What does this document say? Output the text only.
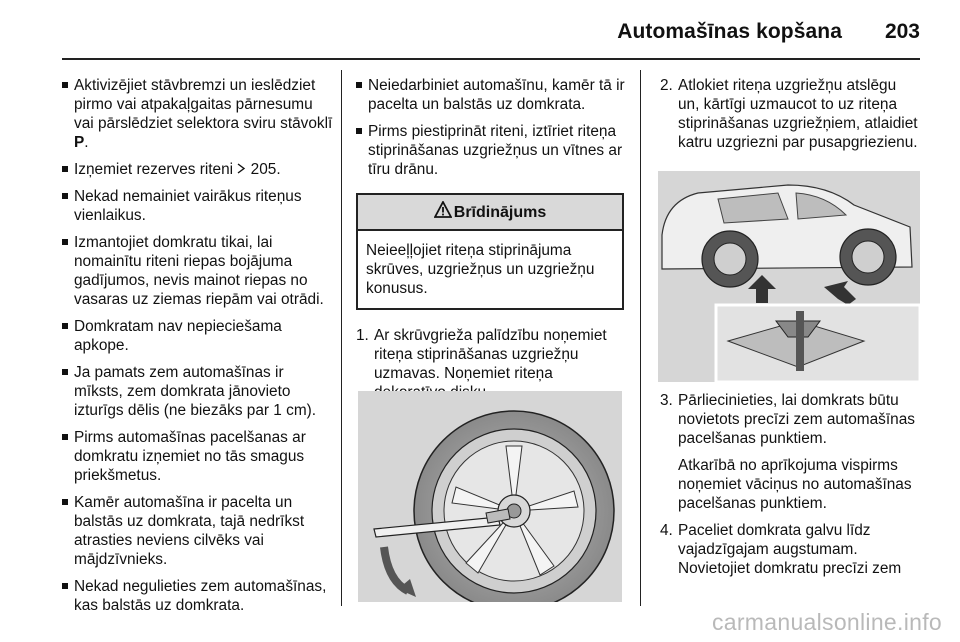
Automašīnas kopšana 203
Aktivizējiet stāvbremzi un ieslēdziet pirmo vai atpakaļgaitas pārnesumu vai pārslēdziet selektora sviru stāvoklī P.
Izņemiet rezerves riteni  205.
Nekad nemainiet vairākus riteņus vienlaikus.
Izmantojiet domkratu tikai, lai nomainītu riteni riepas bojājuma gadījumos, nevis mainot riepas no vasaras uz ziemas riepām vai otrādi.
Domkratam nav nepieciešama apkope.
Ja pamats zem automašīnas ir mīksts, zem domkrata jānovieto izturīgs dēlis (ne biezāks par 1 cm).
Pirms automašīnas pacelšanas ar domkratu izņemiet no tās smagus priekšmetus.
Kamēr automašīna ir pacelta un balstās uz domkrata, tajā nedrīkst atrasties neviens cilvēks vai mājdzīvnieks.
Nekad negulieties zem automašīnas, kas balstās uz domkrata.
Neiedarbiniet automašīnu, kamēr tā ir pacelta un balstās uz domkrata.
Pirms piestiprināt riteni, iztīriet riteņa stiprināšanas uzgriežņus un vītnes ar tīru drānu.
Brīdinājums
Neieeļļojiet riteņa stiprinājuma skrūves, uzgriežņus un uzgriežņu konusus.
1. Ar skrūvgrieža palīdzību noņemiet riteņa stiprināšanas uzgriežņu uzmavas. Noņemiet riteņa
2. Atlokiet riteņa uzgriežņu atslēgu un, kārtīgi uzmaucot to uz riteņa stiprināšanas uzgriežņiem, atlaidiet katru uzgriezni par pusapgriezienu.
3. Pārliecinieties, lai domkrats būtu novietots precīzi zem automašīnas pacelšanas punktiem.
Atkarībā no aprīkojuma vispirms noņemiet vāciņus no automašīnas pacelšanas punktiem.
4. Paceliet domkrata galvu līdz vajadzīgajam augstumam. Novietojiet domkratu precīzi zem
carmanualsonline.info
